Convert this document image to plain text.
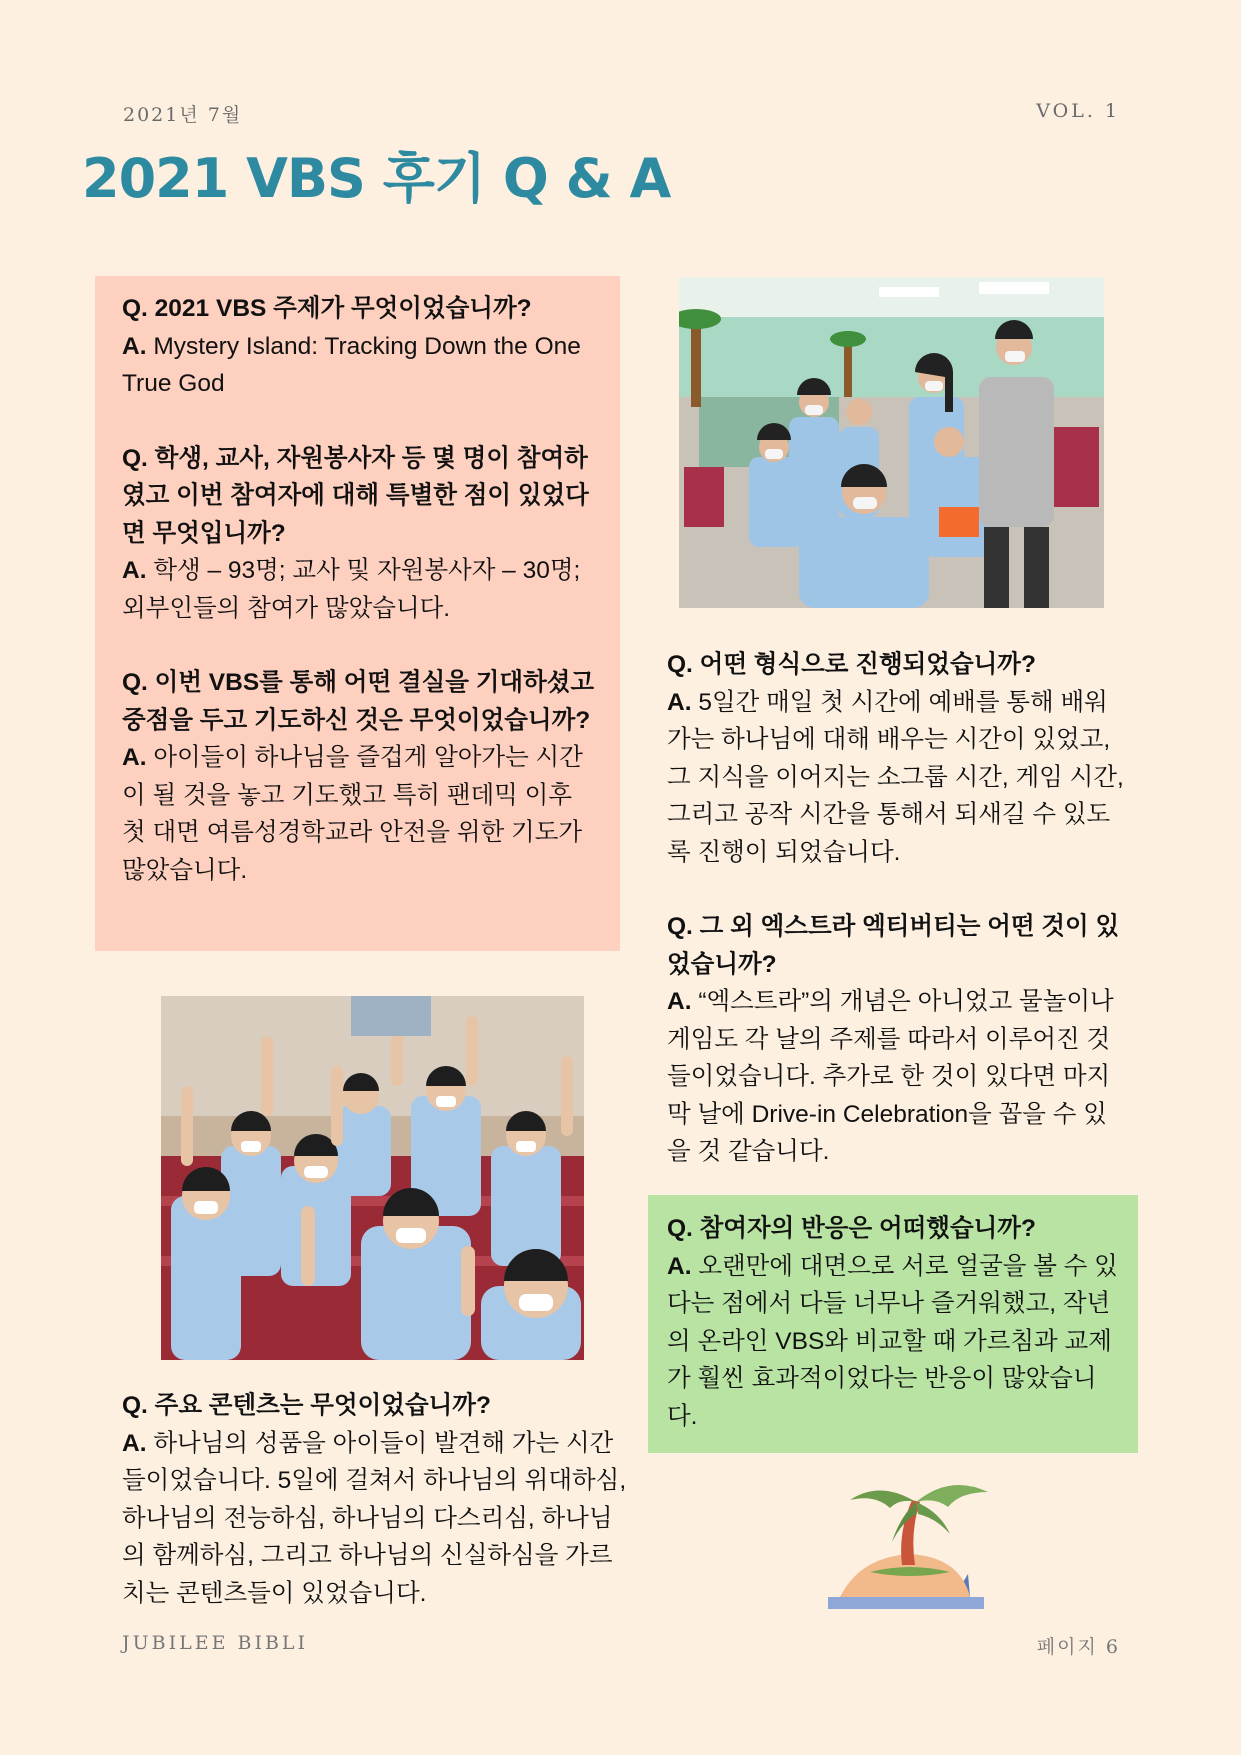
2021년 7월	VOL. 1
2021 VBS 후기 Q & A
Q. 2021 VBS 주제가 무엇이었습니까?
A. Mystery Island: Tracking Down the One True God
Q. 학생, 교사, 자원봉사자 등 몇 명이 참여하였고 이번 참여자에 대해 특별한 점이 있었다면 무엇입니까?
A. 학생 – 93명; 교사 및 자원봉사자 – 30명; 외부인들의 참여가 많았습니다.
Q. 이번 VBS를 통해 어떤 결실을 기대하셨고 중점을 두고 기도하신 것은 무엇이었습니까?
A. 아이들이 하나님을 즐겁게 알아가는 시간이 될 것을 놓고 기도했고 특히 팬데믹 이후 첫 대면 여름성경학교라 안전을 위한 기도가 많았습니다.
Q. 어떤 형식으로 진행되었습니까?
A. 5일간 매일 첫 시간에 예배를 통해 배워가는 하나님에 대해 배우는 시간이 있었고, 그 지식을 이어지는 소그룹 시간, 게임 시간, 그리고 공작 시간을 통해서 되새길 수 있도록 진행이 되었습니다.
Q. 그 외 엑스트라 엑티버티는 어떤 것이 있었습니까?
A. “엑스트라”의 개념은 아니었고 물놀이나 게임도 각 날의 주제를 따라서 이루어진 것들이었습니다. 추가로 한 것이 있다면 마지막 날에 Drive-in Celebration을 꼽을 수 있을 것 같습니다.
Q. 참여자의 반응은 어떠했습니까?
A. 오랜만에 대면으로 서로 얼굴을 볼 수 있다는 점에서 다들 너무나 즐거워했고, 작년의 온라인 VBS와 비교할 때 가르침과 교제가 훨씬 효과적이었다는 반응이 많았습니다.
Q. 주요 콘텐츠는 무엇이었습니까?
A. 하나님의 성품을 아이들이 발견해 가는 시간들이었습니다. 5일에 걸쳐서 하나님의 위대하심, 하나님의 전능하심, 하나님의 다스리심, 하나님의 함께하심, 그리고 하나님의 신실하심을 가르치는 콘텐츠들이 있었습니다.
JUBILEE BIBLI	페이지 6
